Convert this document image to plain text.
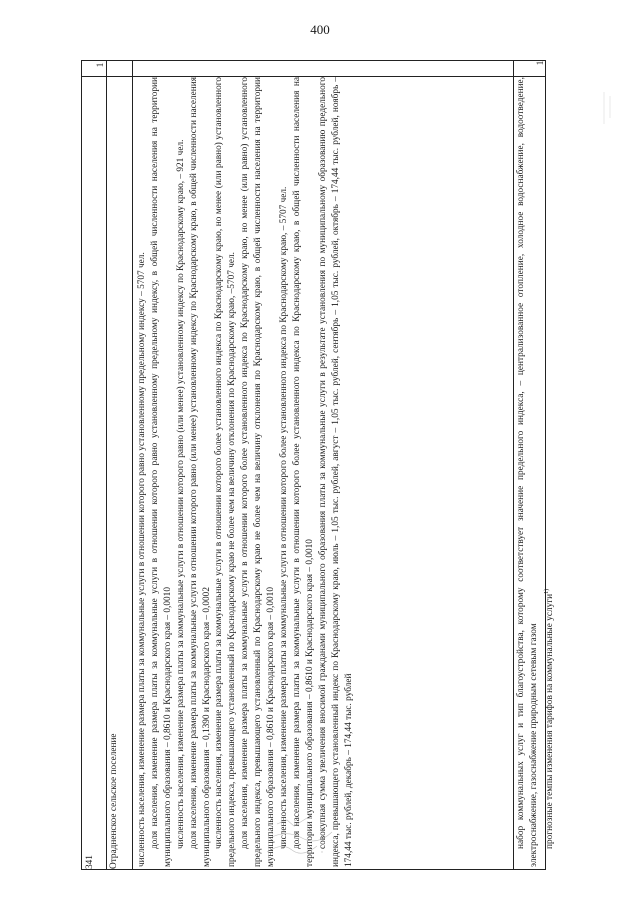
400
1	1

341 Отрадненское сельское поселение численность населения, изменение размера платы за коммунальные услуги в отношении которого равно установленному предельному индексу – 5707 чел. доля населения, изменение размера платы за коммунальные услуги в отношении которого равно установленному предельному индексу, в общей численности населения на территории муниципального образования – 0,8610 и Краснодарского края – 0,0010 численность населения, изменение размера платы за коммунальные услуги в отношении которого равно (или менее) установленному индексу по Краснодарскому краю, – 921 чел. доля населения, изменение размера платы за коммунальные услуги в отношении которого равно (или менее) установленному индексу по Краснодарскому краю, в общей численности населения муниципального образования – 0,1390 и Краснодарского края – 0,0002 численность населения, изменение размера платы за коммунальные услуги в отношении которого более установленного индекса по Краснодарскому краю, но менее (или равно) установленного предельного индекса, превышающего установленный по Краснодарскому краю не более чем на величину отклонения по Краснодарскому краю, –5707 чел. доля населения, изменение размера платы за коммунальные услуги в отношении которого более установленного индекса по Краснодарскому краю, но менее (или равно) установленного предельного индекса, превышающего установленный по Краснодарскому краю не более чем на величину отклонения по Краснодарскому краю, в общей численности населения на территории муниципального образования – 0,8610 и Краснодарского края – 0,0010 численность населения, изменение размера платы за коммунальные услуги в отношении которого более установленного индекса по Краснодарскому краю, – 5707 чел. доля населения, изменение размера платы за коммунальные услуги в отношении которого более установленного индекса по Краснодарскому краю, в общей численности населения на территории муниципального образования – 0,8610 и Краснодарского края – 0,0010 совокупная сумма увеличения вносимой гражданами муниципального образования платы за коммунальные услуги в результате установления по муниципальному образованию предельного индекса, превышающего установленный индекс по Краснодарскому краю, июль – 1,05 тыс. рублей, август – 1,05 тыс. рублей, сентябрь – 1,05 тыс. рублей, октябрь – 174,44 тыс. рублей, ноябрь – 174,44 тыс. рублей, декабрь – 174,44 тыс. рублей	набор коммунальных услуг и тип благоустройства, которому соответствует значение предельного индекса, – централизованное отопление, холодное водоснабжение, водоотведение, электроснабжение, газоснабжение природным сетевым газом прогнозные темпы изменения тарифов на коммунальные услуги$^{1)}$
